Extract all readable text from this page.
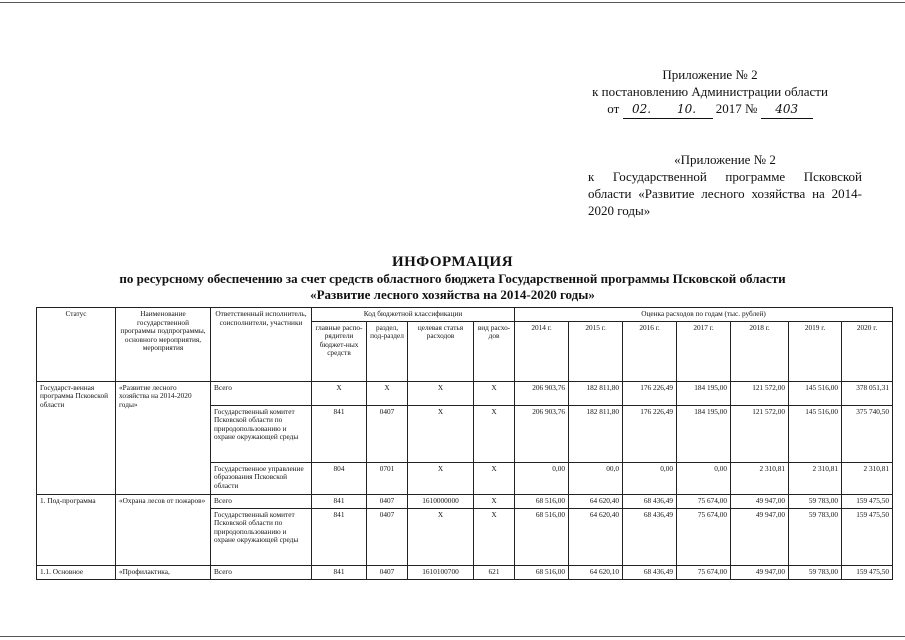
Приложение № 2
к постановлению Администрации области
от 02. 10. 2017 № 403
«Приложение № 2
к Государственной программе Псковской области «Развитие лесного хозяйства на 2014-2020 годы»
ИНФОРМАЦИЯ
по ресурсному обеспечению за счет средств областного бюджета Государственной программы Псковской области
«Развитие лесного хозяйства на 2014-2020 годы»
Статус	Наименование государственной программы подпрограммы, основного мероприятия, мероприятия	Ответственный исполнитель, соисполнители, участники	Код бюджетной классификации				Оценка расходов по годам (тыс. рублей)						
			главные распо-рядители бюджет-ных средств	раздел, под-раздел	целевая статья расходов	вид расхо-дов	2014 г.	2015 г.	2016 г.	2017 г.	2018 г.	2019 г.	2020 г.
Государст-венная программа Псковской области	«Развитие лесного хозяйства на 2014-2020 годы»	Всего	X	X	X	X	206 903,76	182 811,80	176 226,49	184 195,00	121 572,00	145 516,00	378 051,31
		Государственный комитет Псковской области по природопользованию и охране окружающей среды	841	0407	X	X	206 903,76	182 811,80	176 226,49	184 195,00	121 572,00	145 516,00	375 740,50
		Государственное управление образования Псковской области	804	0701	X	X	0,00	00,0	0,00	0,00	2 310,81	2 310,81	2 310,81
1. Под-программа	«Охрана лесов от пожаров»	Всего	841	0407	1610000000	X	68 516,00	64 620,40	68 436,49	75 674,00	49 947,00	59 783,00	159 475,50
		Государственный комитет Псковской области по природопользованию и охране окружающей среды	841	0407	X	X	68 516,00	64 620,40	68 436,49	75 674,00	49 947,00	59 783,00	159 475,50
1.1. Основное	«Профилактика,	Всего	841	0407	1610100700	621	68 516,00	64 620,10	68 436,49	75 674,00	49 947,00	59 783,00	159 475,50
